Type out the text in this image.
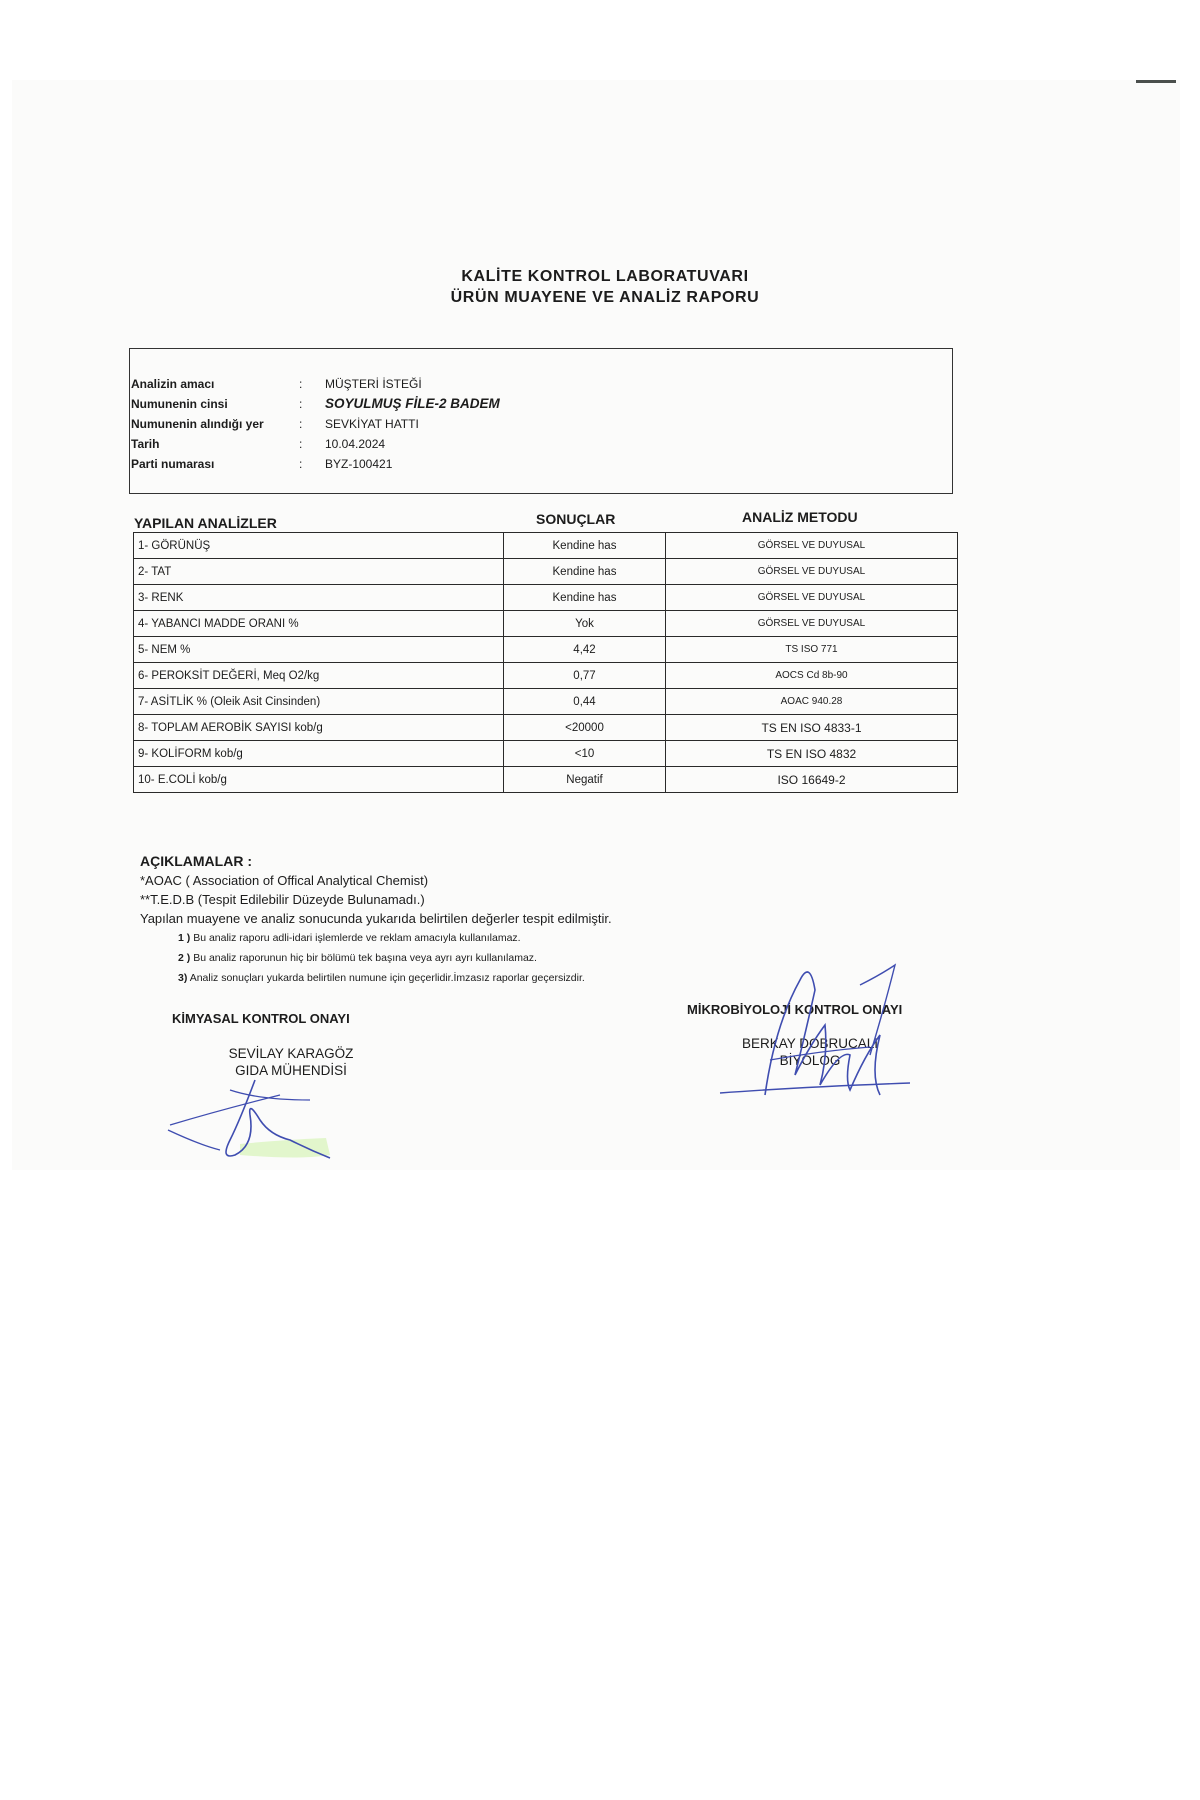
KALİTE KONTROL LABORATUVARI
ÜRÜN MUAYENE VE ANALİZ RAPORU
Analizin amacı	: MÜŞTERİ İSTEĞİ
Numunenin cinsi	: SOYULMUŞ FİLE-2 BADEM
Numunenin alındığı yer	: SEVKİYAT HATTI
Tarih	: 10.04.2024
Parti numarası	: BYZ-100421
YAPILAN ANALİZLER	SONUÇLAR	ANALİZ METODU
1- GÖRÜNÜŞ	Kendine has	GÖRSEL VE DUYUSAL
2- TAT	Kendine has	GÖRSEL VE DUYUSAL
3- RENK	Kendine has	GÖRSEL VE DUYUSAL
4- YABANCI MADDE ORANI %	Yok	GÖRSEL VE DUYUSAL
5- NEM %	4,42	TS ISO 771
6- PEROKSİT DEĞERİ, Meq O2/kg	0,77	AOCS Cd 8b-90
7- ASİTLİK % (Oleik Asit Cinsinden)	0,44	AOAC 940.28
8- TOPLAM AEROBİK SAYISI kob/g	<20000	TS EN ISO 4833-1
9- KOLİFORM kob/g	<10	TS EN ISO 4832
10- E.COLİ kob/g	Negatif	ISO 16649-2
AÇIKLAMALAR :
*AOAC ( Association of Offical Analytical Chemist)
**T.E.D.B (Tespit Edilebilir Düzeyde Bulunamadı.)
Yapılan muayene ve analiz sonucunda yukarıda belirtilen değerler tespit edilmiştir.
1 ) Bu analiz raporu adli-idari işlemlerde ve reklam amacıyla kullanılamaz.
2 ) Bu analiz raporunun hiç bir bölümü tek başına veya ayrı ayrı kullanılamaz.
3) Analiz sonuçları yukarda belirtilen numune için geçerlidir.İmzasız raporlar geçersizdir.
KİMYASAL KONTROL ONAYI
SEVİLAY KARAGÖZ
GIDA MÜHENDİSİ
MİKROBİYOLOJİ KONTROL ONAYI
BERKAY DOBRUCALI
BİYOLOG
